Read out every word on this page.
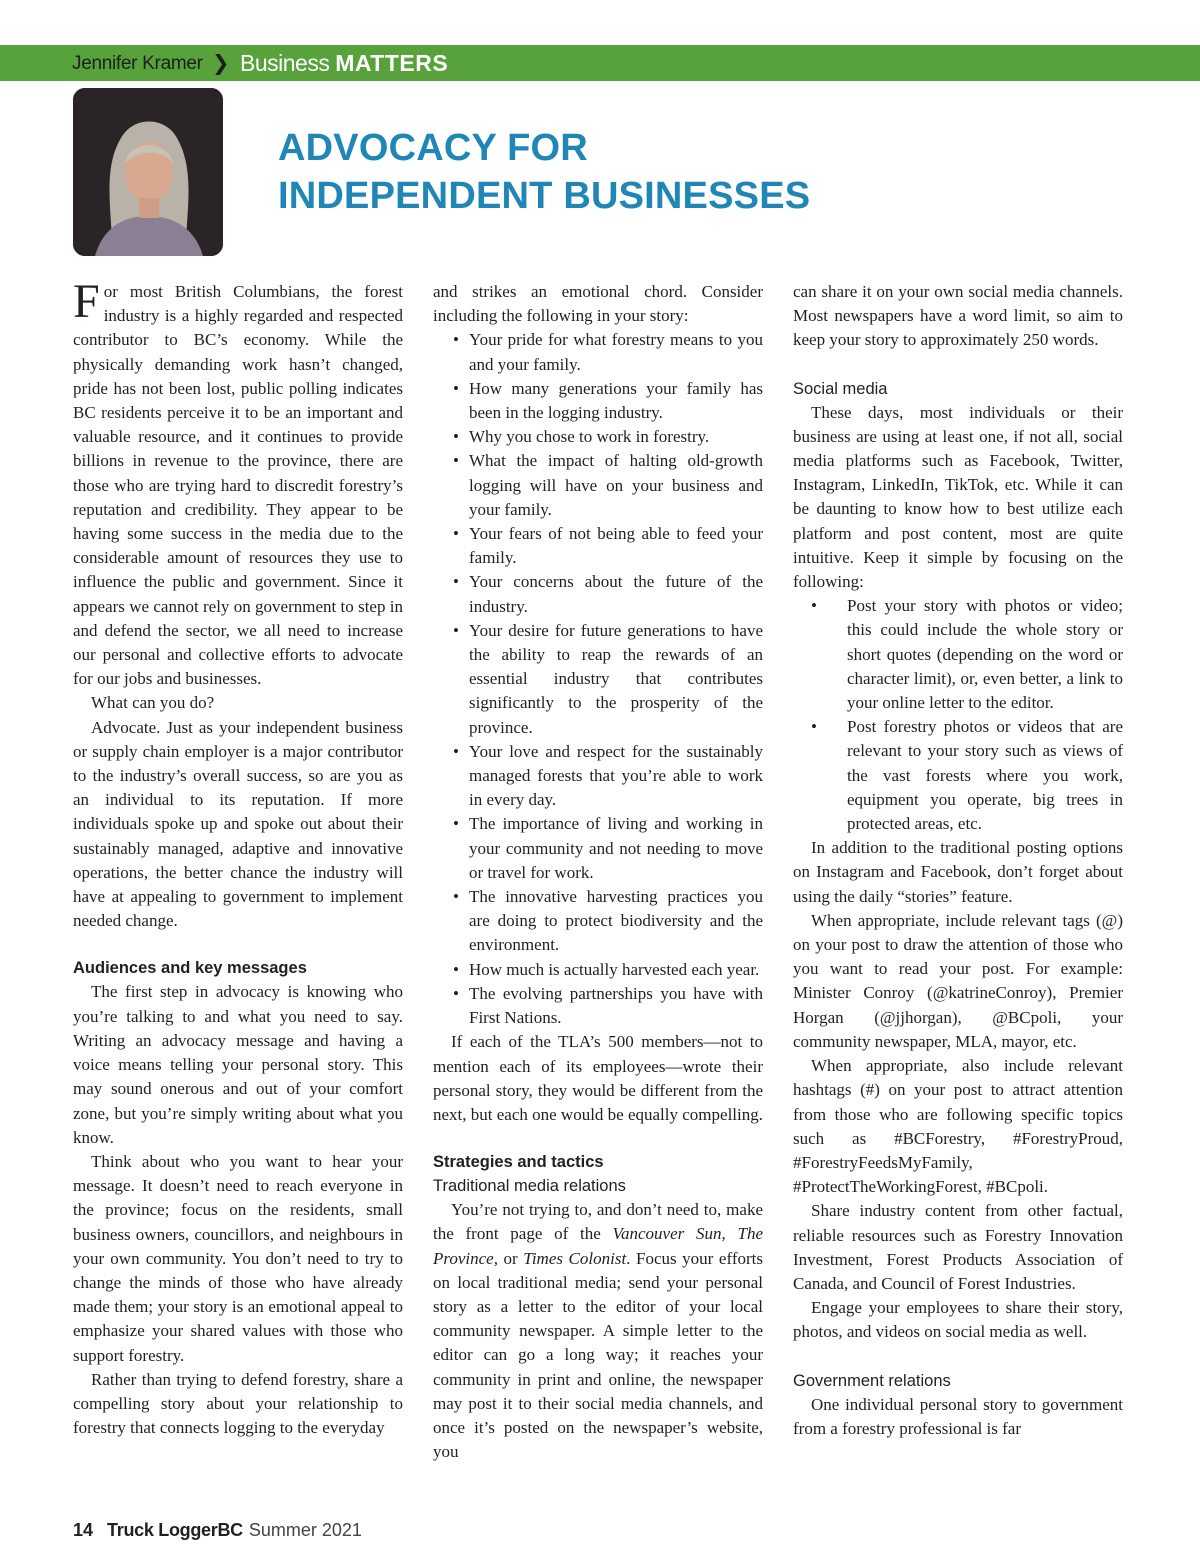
Jennifer Kramer ❯ Business MATTERS
ADVOCACY FOR
INDEPENDENT BUSINESSES

For most British Columbians, the forest industry is a highly regarded and respected contributor to BC’s economy. While the physically demanding work hasn’t changed, pride has not been lost, public polling indicates BC residents perceive it to be an important and valuable resource, and it continues to provide billions in revenue to the province, there are those who are trying hard to discredit forestry’s reputation and credibility. They appear to be having some success in the media due to the considerable amount of resources they use to influence the public and government. Since it appears we cannot rely on government to step in and defend the sector, we all need to increase our personal and collective efforts to advocate for our jobs and businesses.

What can you do?

Advocate. Just as your independent business or supply chain employer is a major contributor to the industry’s overall success, so are you as an individual to its reputation. If more individuals spoke up and spoke out about their sustainably managed, adaptive and innovative operations, the better chance the industry will have at appealing to government to implement needed change.

Audiences and key messages

The first step in advocacy is knowing who you’re talking to and what you need to say. Writing an advocacy message and having a voice means telling your personal story. This may sound onerous and out of your comfort zone, but you’re simply writing about what you know.

Think about who you want to hear your message. It doesn’t need to reach everyone in the province; focus on the residents, small business owners, councillors, and neighbours in your own community. You don’t need to try to change the minds of those who have already made them; your story is an emotional appeal to emphasize your shared values with those who support forestry.

Rather than trying to defend forestry, share a compelling story about your relationship to forestry that connects logging to the everyday

and strikes an emotional chord. Consider including the following in your story:

• Your pride for what forestry means to you and your family.
• How many generations your family has been in the logging industry.
• Why you chose to work in forestry.
• What the impact of halting old-growth logging will have on your business and your family.
• Your fears of not being able to feed your family.
• Your concerns about the future of the industry.
• Your desire for future generations to have the ability to reap the rewards of an essential industry that contributes significantly to the prosperity of the province.
• Your love and respect for the sustainably managed forests that you’re able to work in every day.
• The importance of living and working in your community and not needing to move or travel for work.
• The innovative harvesting practices you are doing to protect biodiversity and the environment.
• How much is actually harvested each year.
• The evolving partnerships you have with First Nations.

If each of the TLA’s 500 members—not to mention each of its employees—wrote their personal story, they would be different from the next, but each one would be equally compelling.

Strategies and tactics
Traditional media relations

You’re not trying to, and don’t need to, make the front page of the Vancouver Sun, The Province, or Times Colonist. Focus your efforts on local traditional media; send your personal story as a letter to the editor of your local community newspaper. A simple letter to the editor can go a long way; it reaches your community in print and online, the newspaper may post it to their social media channels, and once it’s posted on the newspaper’s website, you

can share it on your own social media channels. Most newspapers have a word limit, so aim to keep your story to approximately 250 words.

Social media

These days, most individuals or their business are using at least one, if not all, social media platforms such as Facebook, Twitter, Instagram, LinkedIn, TikTok, etc. While it can be daunting to know how to best utilize each platform and post content, most are quite intuitive. Keep it simple by focusing on the following:

• Post your story with photos or video; this could include the whole story or short quotes (depending on the word or character limit), or, even better, a link to your online letter to the editor.
• Post forestry photos or videos that are relevant to your story such as views of the vast forests where you work, equipment you operate, big trees in protected areas, etc.

In addition to the traditional posting options on Instagram and Facebook, don’t forget about using the daily “stories” feature.

When appropriate, include relevant tags (@) on your post to draw the attention of those who you want to read your post. For example: Minister Conroy (@katrineConroy), Premier Horgan (@jjhorgan), @BCpoli, your community newspaper, MLA, mayor, etc.

When appropriate, also include relevant hashtags (#) on your post to attract attention from those who are following specific topics such as #BCForestry, #ForestryProud, #ForestryFeedsMyFamily, #ProtectTheWorkingForest, #BCpoli.

Share industry content from other factual, reliable resources such as Forestry Innovation Investment, Forest Products Association of Canada, and Council of Forest Industries.

Engage your employees to share their story, photos, and videos on social media as well.

Government relations

One individual personal story to government from a forestry professional is far

14 Truck LoggerBC Summer 2021
